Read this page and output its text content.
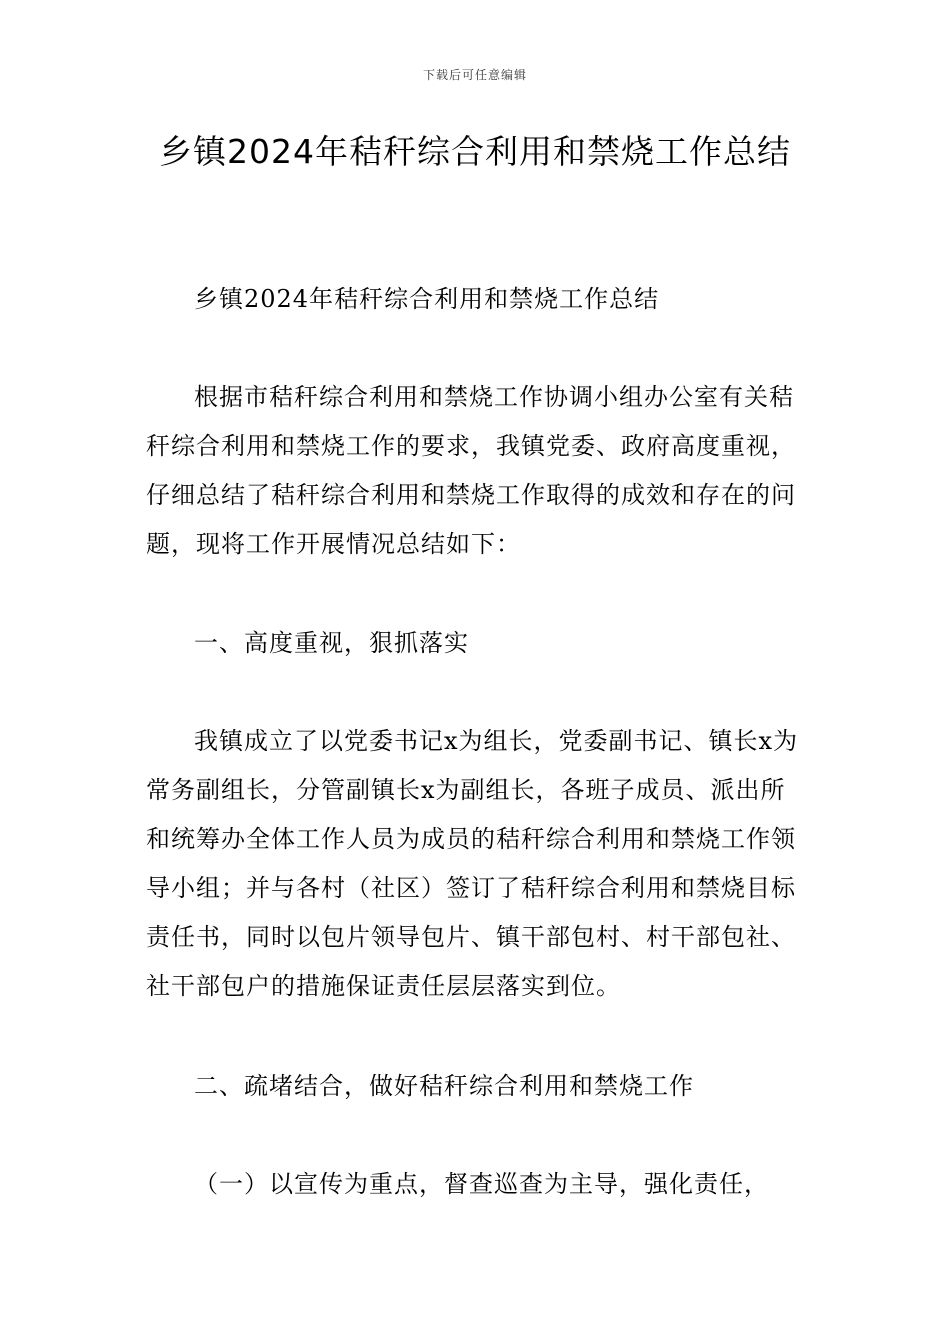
下载后可任意编辑
乡镇2024年秸秆综合利用和禁烧工作总结

乡镇2024年秸秆综合利用和禁烧工作总结

根据市秸秆综合利用和禁烧工作协调小组办公室有关秸秆综合利用和禁烧工作的要求，我镇党委、政府高度重视，仔细总结了秸秆综合利用和禁烧工作取得的成效和存在的问题，现将工作开展情况总结如下：

一、高度重视，狠抓落实

我镇成立了以党委书记x为组长，党委副书记、镇长x为常务副组长，分管副镇长x为副组长，各班子成员、派出所和统筹办全体工作人员为成员的秸秆综合利用和禁烧工作领导小组；并与各村（社区）签订了秸秆综合利用和禁烧目标责任书，同时以包片领导包片、镇干部包村、村干部包社、社干部包户的措施保证责任层层落实到位。

二、疏堵结合，做好秸秆综合利用和禁烧工作

（一）以宣传为重点，督查巡查为主导，强化责任，
